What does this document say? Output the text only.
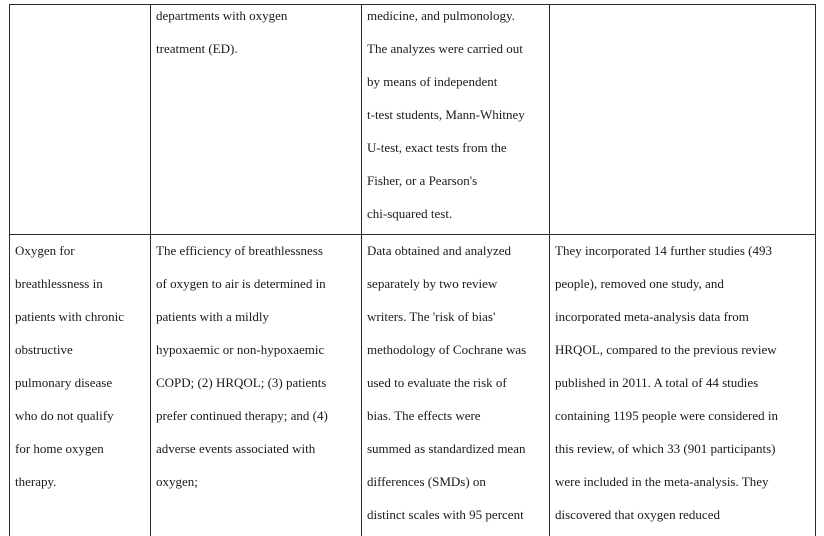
departments with oxygen
treatment (ED).
medicine, and pulmonology.
The analyzes were carried out
by means of independent
t-test students, Mann-Whitney
U-test, exact tests from the
Fisher, or a Pearson's
chi-squared test.
Oxygen for
breathlessness in
patients with chronic
obstructive
pulmonary disease
who do not qualify
for home oxygen
therapy.
The efficiency of breathlessness
of oxygen to air is determined in
patients with a mildly
hypoxaemic or non-hypoxaemic
COPD; (2) HRQOL; (3) patients
prefer continued therapy; and (4)
adverse events associated with
oxygen;
Data obtained and analyzed
separately by two review
writers. The 'risk of bias'
methodology of Cochrane was
used to evaluate the risk of
bias. The effects were
summed as standardized mean
differences (SMDs) on
distinct scales with 95 percent
They incorporated 14 further studies (493
people), removed one study, and
incorporated meta-analysis data from
HRQOL, compared to the previous review
published in 2011. A total of 44 studies
containing 1195 people were considered in
this review, of which 33 (901 participants)
were included in the meta-analysis. They
discovered that oxygen reduced
